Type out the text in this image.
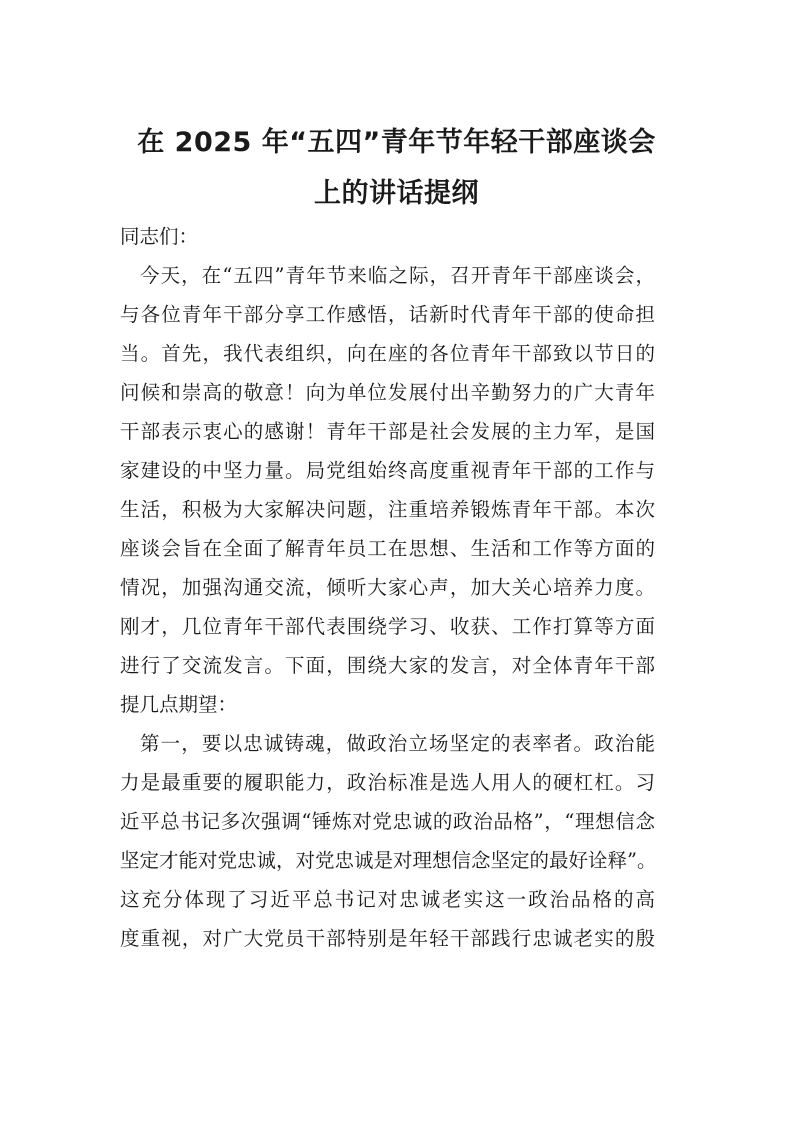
在 2025 年“五四”青年节年轻干部座谈会
上的讲话提纲
同志们：
今天，在“五四”青年节来临之际，召开青年干部座谈会，
与各位青年干部分享工作感悟，话新时代青年干部的使命担
当。首先，我代表组织，向在座的各位青年干部致以节日的
问候和崇高的敬意！向为单位发展付出辛勤努力的广大青年
干部表示衷心的感谢！青年干部是社会发展的主力军，是国
家建设的中坚力量。局党组始终高度重视青年干部的工作与
生活，积极为大家解决问题，注重培养锻炼青年干部。本次
座谈会旨在全面了解青年员工在思想、生活和工作等方面的
情况，加强沟通交流，倾听大家心声，加大关心培养力度。
刚才，几位青年干部代表围绕学习、收获、工作打算等方面
进行了交流发言。下面，围绕大家的发言，对全体青年干部
提几点期望：
第一，要以忠诚铸魂，做政治立场坚定的表率者。政治能
力是最重要的履职能力，政治标准是选人用人的硬杠杠。习
近平总书记多次强调“锤炼对党忠诚的政治品格”，“理想信念
坚定才能对党忠诚，对党忠诚是对理想信念坚定的最好诠释”。
这充分体现了习近平总书记对忠诚老实这一政治品格的高
度重视，对广大党员干部特别是年轻干部践行忠诚老实的殷
